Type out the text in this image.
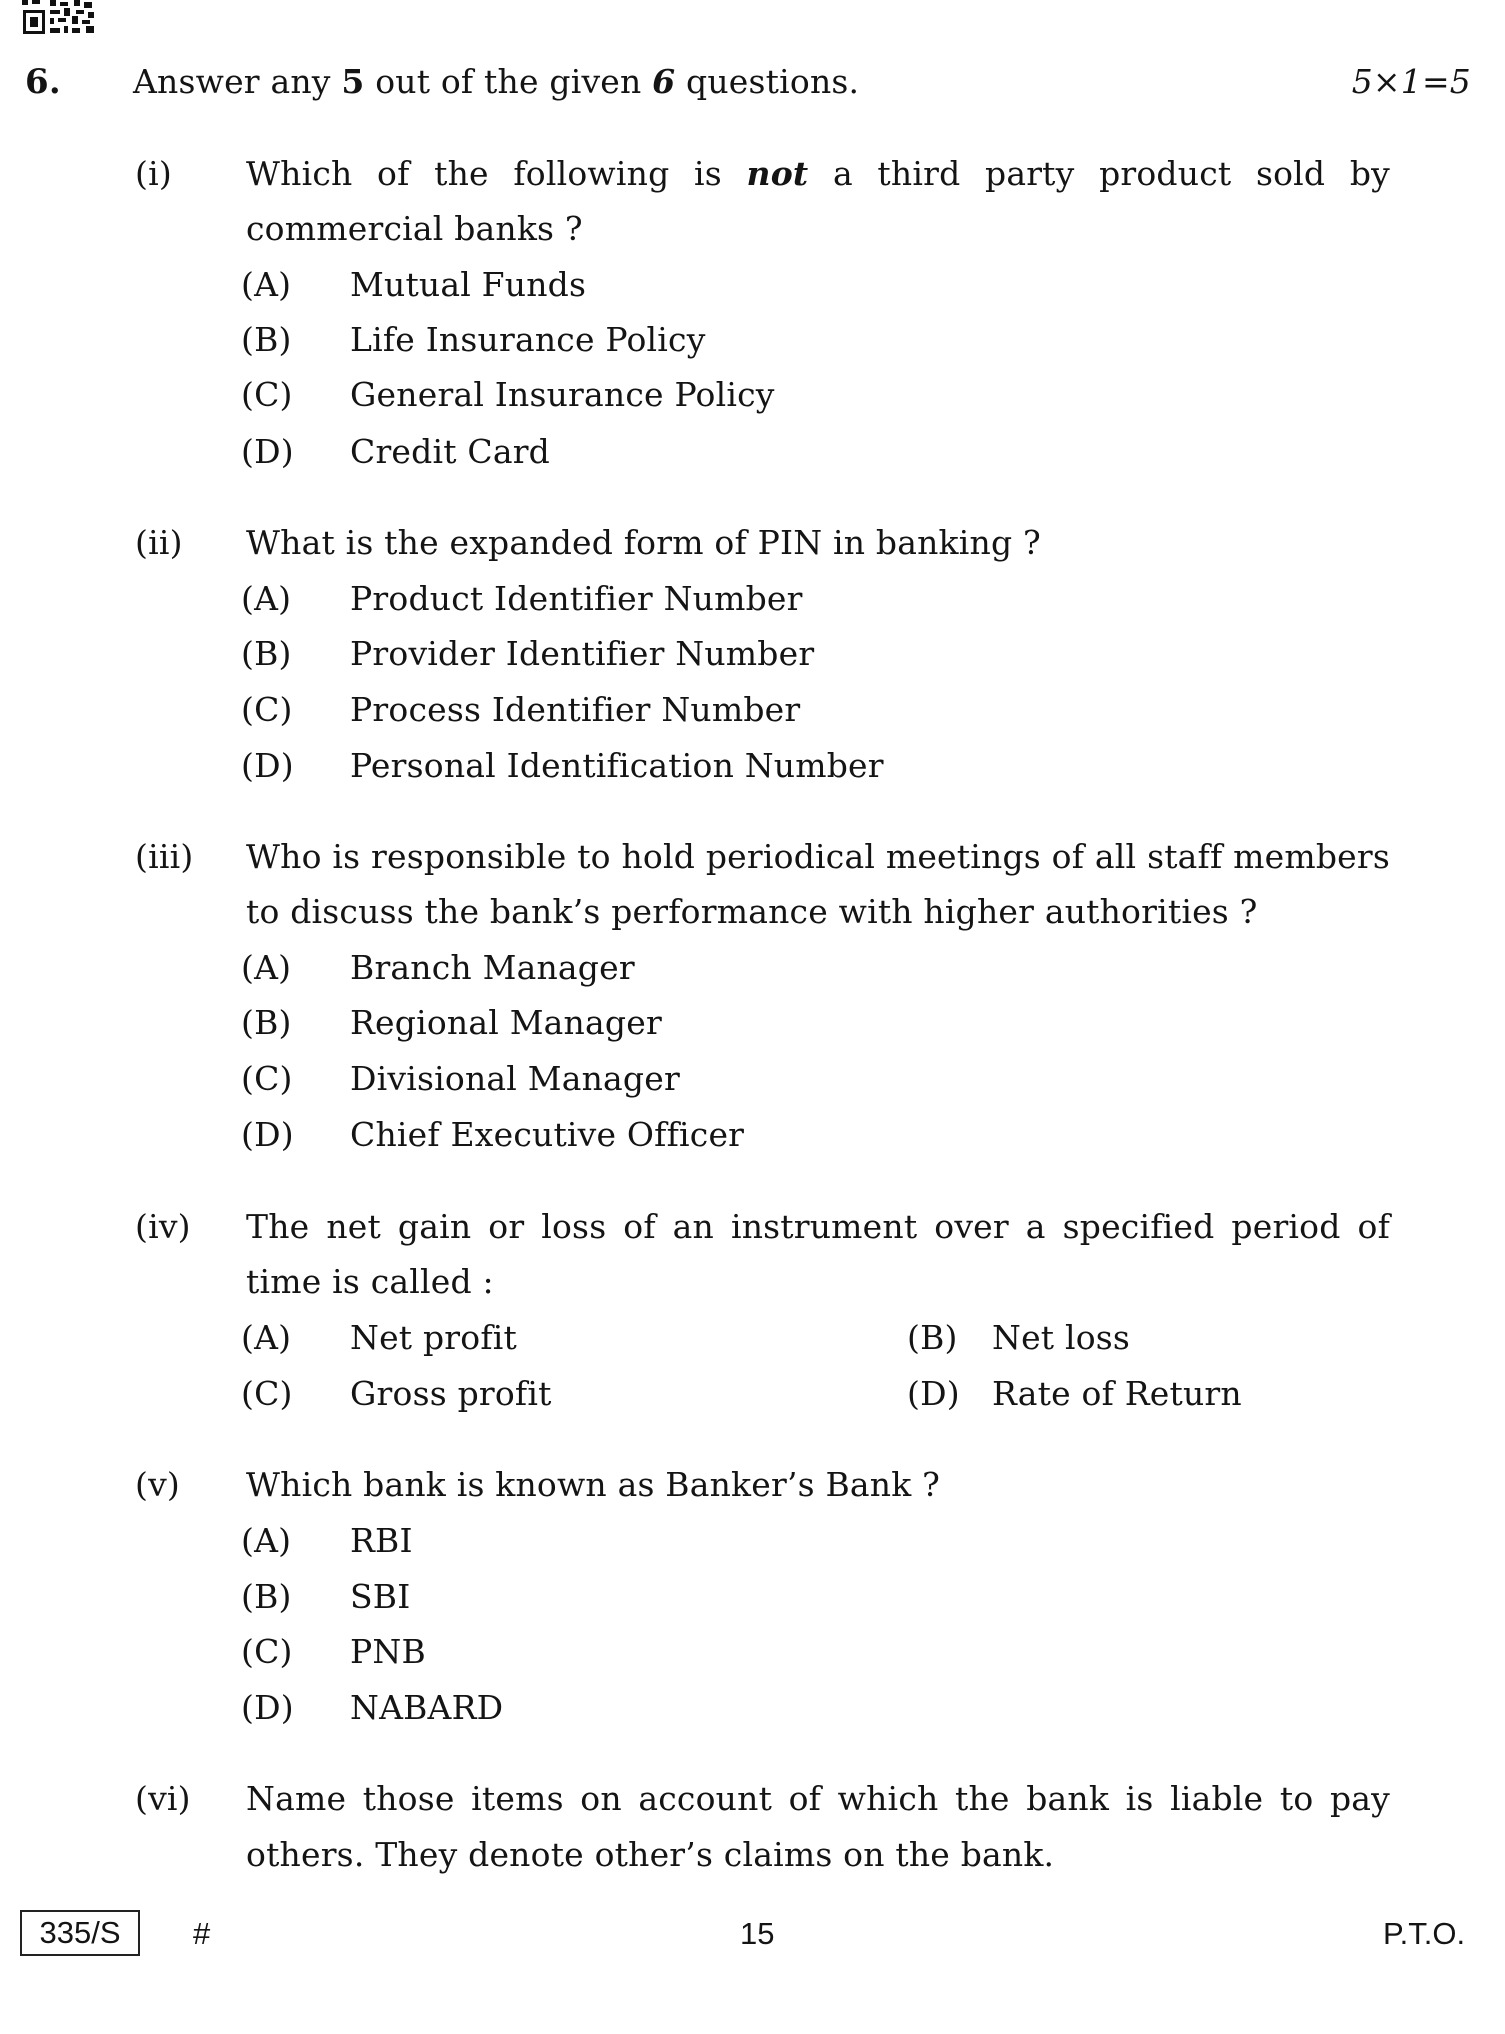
6. Answer any 5 out of the given 6 questions.	5×1=5
(i) Which of the following is not a third party product sold by
commercial banks ?
(A) Mutual Funds
(B) Life Insurance Policy
(C) General Insurance Policy
(D) Credit Card
(ii) What is the expanded form of PIN in banking ?
(A) Product Identifier Number
(B) Provider Identifier Number
(C) Process Identifier Number
(D) Personal Identification Number
(iii) Who is responsible to hold periodical meetings of all staff members
to discuss the bank’s performance with higher authorities ?
(A) Branch Manager
(B) Regional Manager
(C) Divisional Manager
(D) Chief Executive Officer
(iv) The net gain or loss of an instrument over a specified period of
time is called :
(A) Net profit	(B) Net loss
(C) Gross profit	(D) Rate of Return
(v) Which bank is known as Banker’s Bank ?
(A) RBI
(B) SBI
(C) PNB
(D) NABARD
(vi) Name those items on account of which the bank is liable to pay
others. They denote other’s claims on the bank.
335/S	#	15	P.T.O.
